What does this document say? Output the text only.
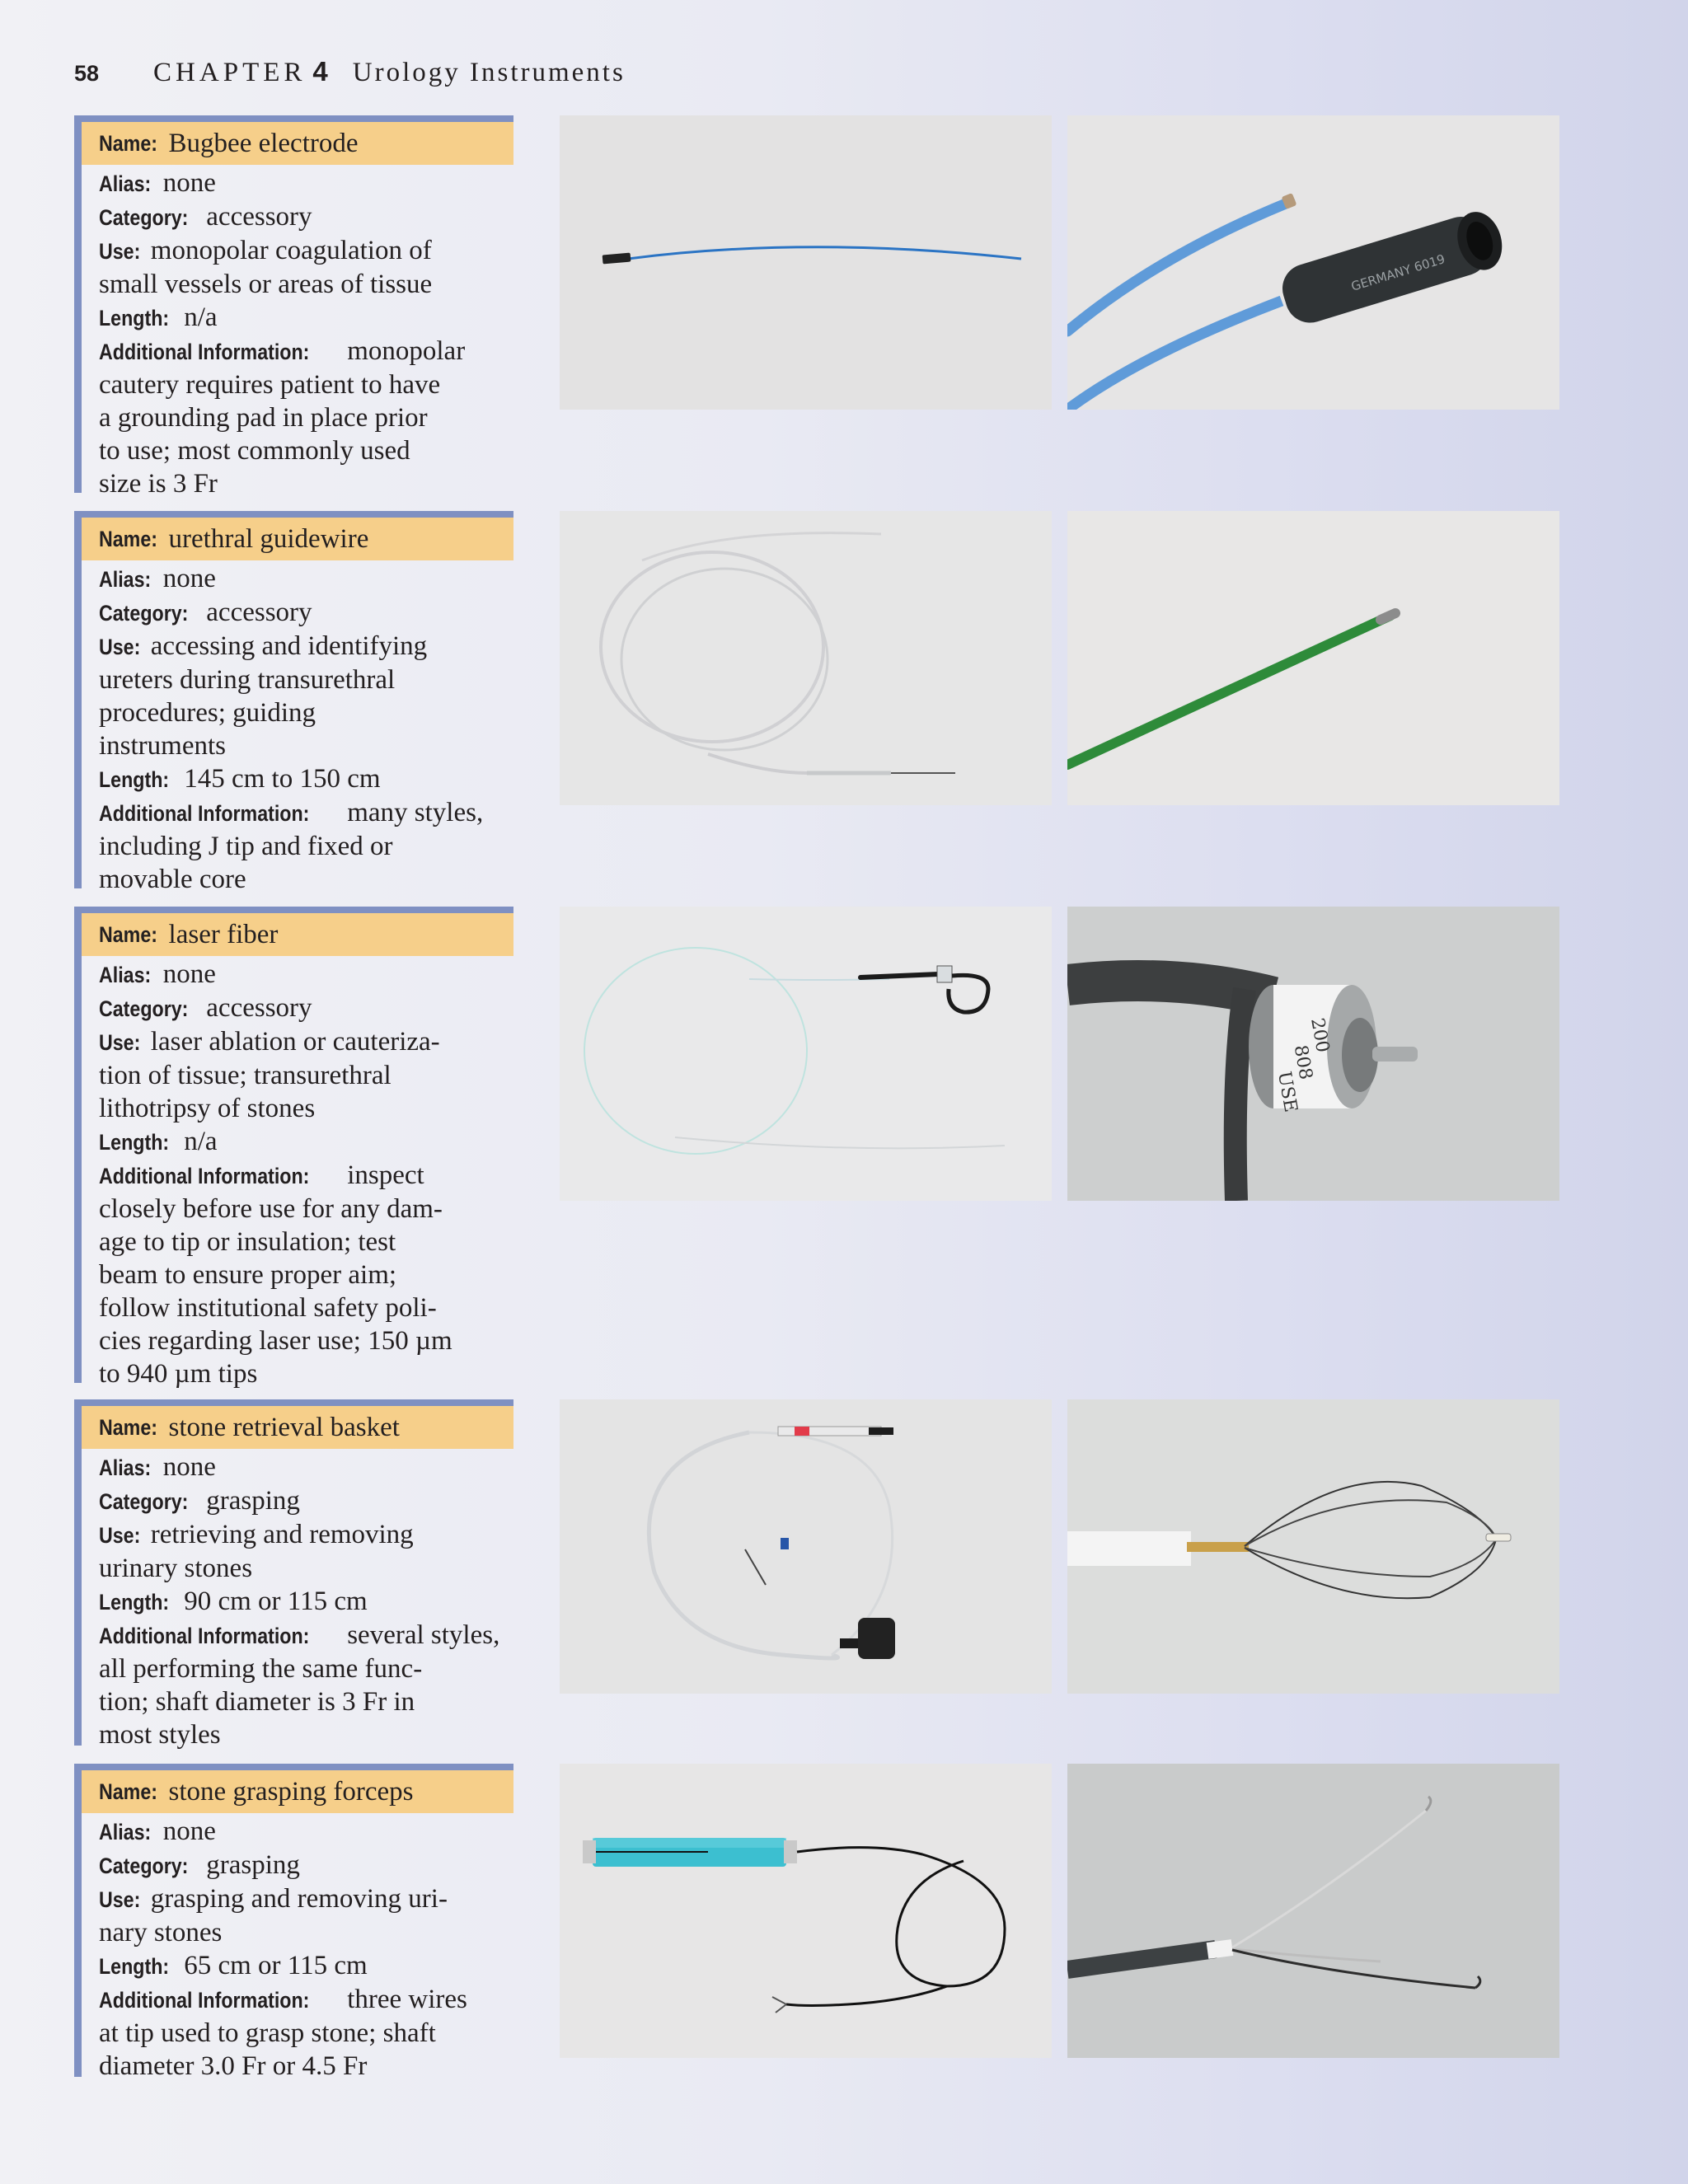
58 CHAPTER 4 Urology Instruments
Name: Bugbee electrode

Alias: none

Category: accessory

Use: monopolar coagulation of

small vessels or areas of tissue

Length: n/a

Additional Information: monopolar

cautery requires patient to have

a grounding pad in place prior

to use; most commonly used

size is 3 Fr

Name: urethral guidewire

Alias: none

Category: accessory

Use: accessing and identifying

ureters during transurethral

procedures; guiding

instruments

Length: 145 cm to 150 cm

Additional Information: many styles,

including J tip and fixed or

movable core

Name: laser fiber

Alias: none

Category: accessory

Use: laser ablation or cauteriza-

tion of tissue; transurethral

lithotripsy of stones

Length: n/a

Additional Information: inspect

closely before use for any dam-

age to tip or insulation; test

beam to ensure proper aim;

follow institutional safety poli-

cies regarding laser use; 150 µm

to 940 µm tips

Name: stone retrieval basket

Alias: none

Category: grasping

Use: retrieving and removing

urinary stones

Length: 90 cm or 115 cm

Additional Information: several styles,

all performing the same func-

tion; shaft diameter is 3 Fr in

most styles

Name: stone grasping forceps

Alias: none

Category: grasping

Use: grasping and removing uri-

nary stones

Length: 65 cm or 115 cm

Additional Information: three wires

at tip used to grasp stone; shaft

diameter 3.0 Fr or 4.5 Fr

GERMANY 6019
200
808
USE
